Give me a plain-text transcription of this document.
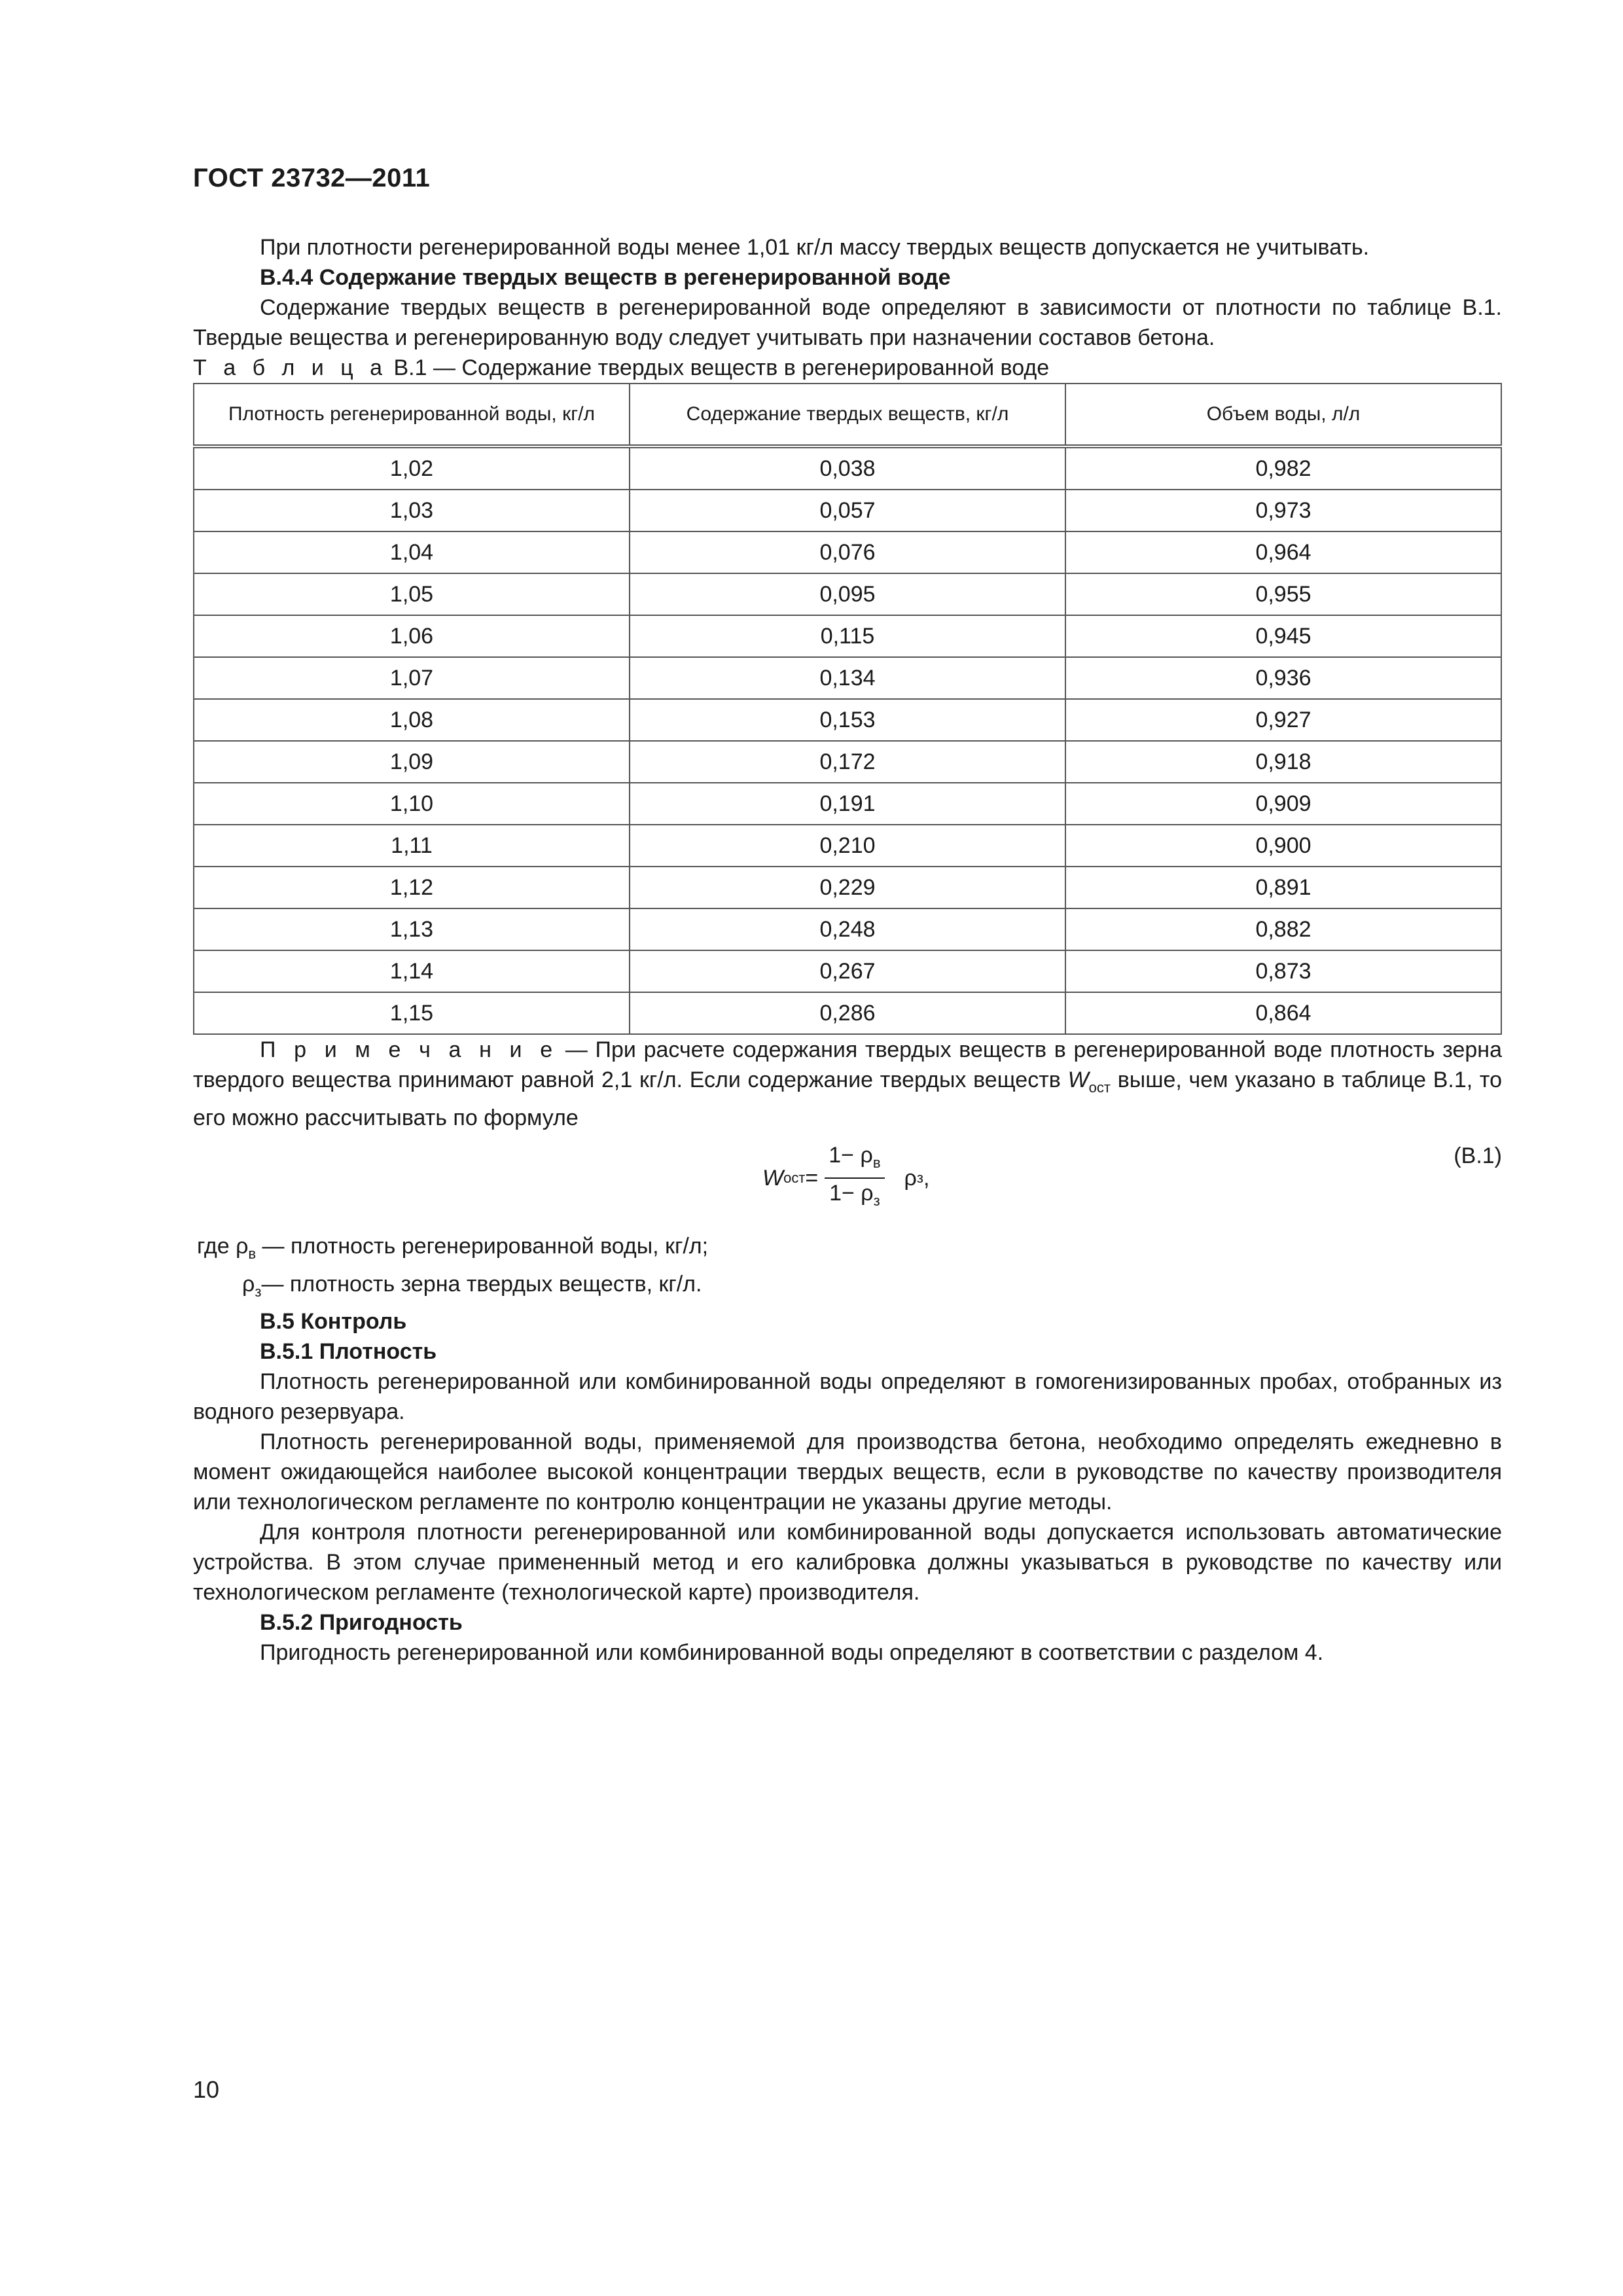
ГОСТ 23732—2011

При плотности регенерированной воды менее 1,01 кг/л массу твердых веществ допускается не учитывать.

В.4.4 Содержание твердых веществ в регенерированной воде

Содержание твердых веществ в регенерированной воде определяют в зависимости от плотности по таблице В.1. Твердые вещества и регенерированную воду следует учитывать при назначении составов бетона.

Т а б л и ц а В.1 — Содержание твердых веществ в регенерированной воде

Плотность регенерированной воды, кг/л	Содержание твердых веществ, кг/л	Объем воды, л/л
1,02	0,038	0,982
1,03	0,057	0,973
1,04	0,076	0,964
1,05	0,095	0,955
1,06	0,115	0,945
1,07	0,134	0,936
1,08	0,153	0,927
1,09	0,172	0,918
1,10	0,191	0,909
1,11	0,210	0,900
1,12	0,229	0,891
1,13	0,248	0,882
1,14	0,267	0,873
1,15	0,286	0,864

П р и м е ч а н и е — При расчете содержания твердых веществ в регенерированной воде плотность зерна твердого вещества принимают равной 2,1 кг/л. Если содержание твердых веществ $W_{ост}$ выше, чем указано в таблице В.1, то его можно рассчитывать по формуле

W ост = $\frac{1- \rho_в}{1- \rho_з}$ ρ з ,
(В.1)
где $\rho_в$ — плотность регенерированной воды, кг/л;
$\rho_з—$ плотность зерна твердых веществ, кг/л.

В.5 Контроль

В.5.1 Плотность

Плотность регенерированной или комбинированной воды определяют в гомогенизированных пробах, отобранных из водного резервуара.

Плотность регенерированной воды, применяемой для производства бетона, необходимо определять ежедневно в момент ожидающейся наиболее высокой концентрации твердых веществ, если в руководстве по качеству производителя или технологическом регламенте по контролю концентрации не указаны другие методы.

Для контроля плотности регенерированной или комбинированной воды допускается использовать автоматические устройства. В этом случае примененный метод и его калибровка должны указываться в руководстве по качеству или технологическом регламенте (технологической карте) производителя.

В.5.2 Пригодность

Пригодность регенерированной или комбинированной воды определяют в соответствии с разделом 4.

10
